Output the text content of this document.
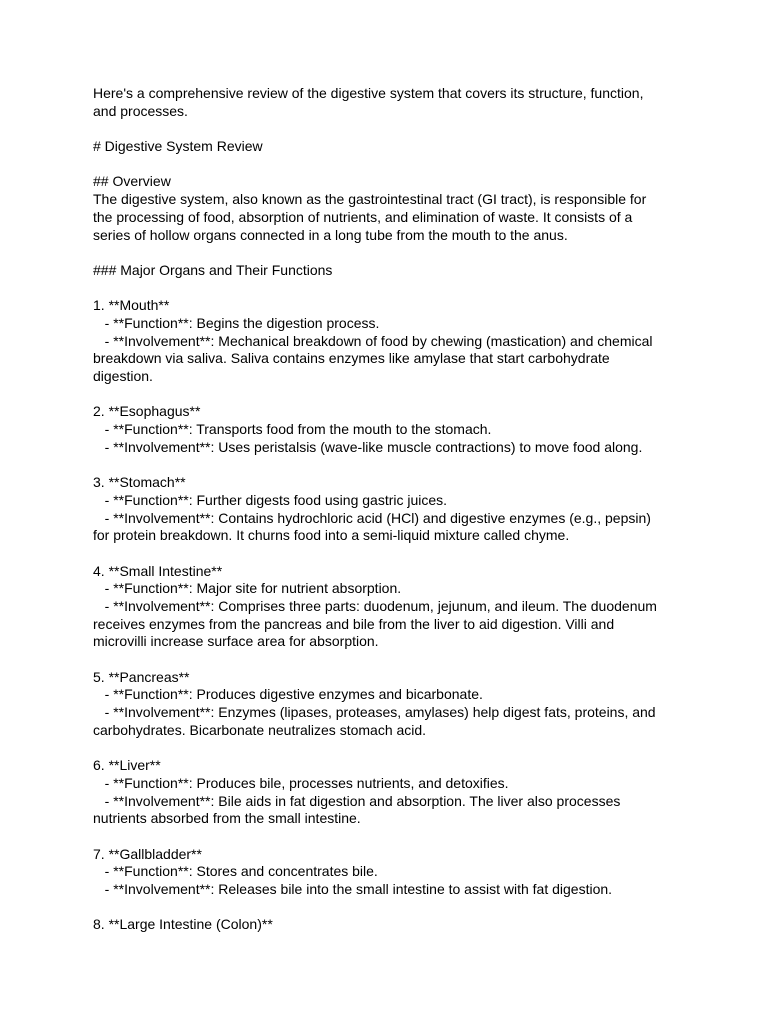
Here's a comprehensive review of the digestive system that covers its structure, function,
and processes.
# Digestive System Review
## Overview
The digestive system, also known as the gastrointestinal tract (GI tract), is responsible for
the processing of food, absorption of nutrients, and elimination of waste. It consists of a
series of hollow organs connected in a long tube from the mouth to the anus.
### Major Organs and Their Functions
1. **Mouth**
- **Function**: Begins the digestion process.
- **Involvement**: Mechanical breakdown of food by chewing (mastication) and chemical
breakdown via saliva. Saliva contains enzymes like amylase that start carbohydrate
digestion.
2. **Esophagus**
- **Function**: Transports food from the mouth to the stomach.
- **Involvement**: Uses peristalsis (wave-like muscle contractions) to move food along.
3. **Stomach**
- **Function**: Further digests food using gastric juices.
- **Involvement**: Contains hydrochloric acid (HCl) and digestive enzymes (e.g., pepsin)
for protein breakdown. It churns food into a semi-liquid mixture called chyme.
4. **Small Intestine**
- **Function**: Major site for nutrient absorption.
- **Involvement**: Comprises three parts: duodenum, jejunum, and ileum. The duodenum
receives enzymes from the pancreas and bile from the liver to aid digestion. Villi and
microvilli increase surface area for absorption.
5. **Pancreas**
- **Function**: Produces digestive enzymes and bicarbonate.
- **Involvement**: Enzymes (lipases, proteases, amylases) help digest fats, proteins, and
carbohydrates. Bicarbonate neutralizes stomach acid.
6. **Liver**
- **Function**: Produces bile, processes nutrients, and detoxifies.
- **Involvement**: Bile aids in fat digestion and absorption. The liver also processes
nutrients absorbed from the small intestine.
7. **Gallbladder**
- **Function**: Stores and concentrates bile.
- **Involvement**: Releases bile into the small intestine to assist with fat digestion.
8. **Large Intestine (Colon)**
